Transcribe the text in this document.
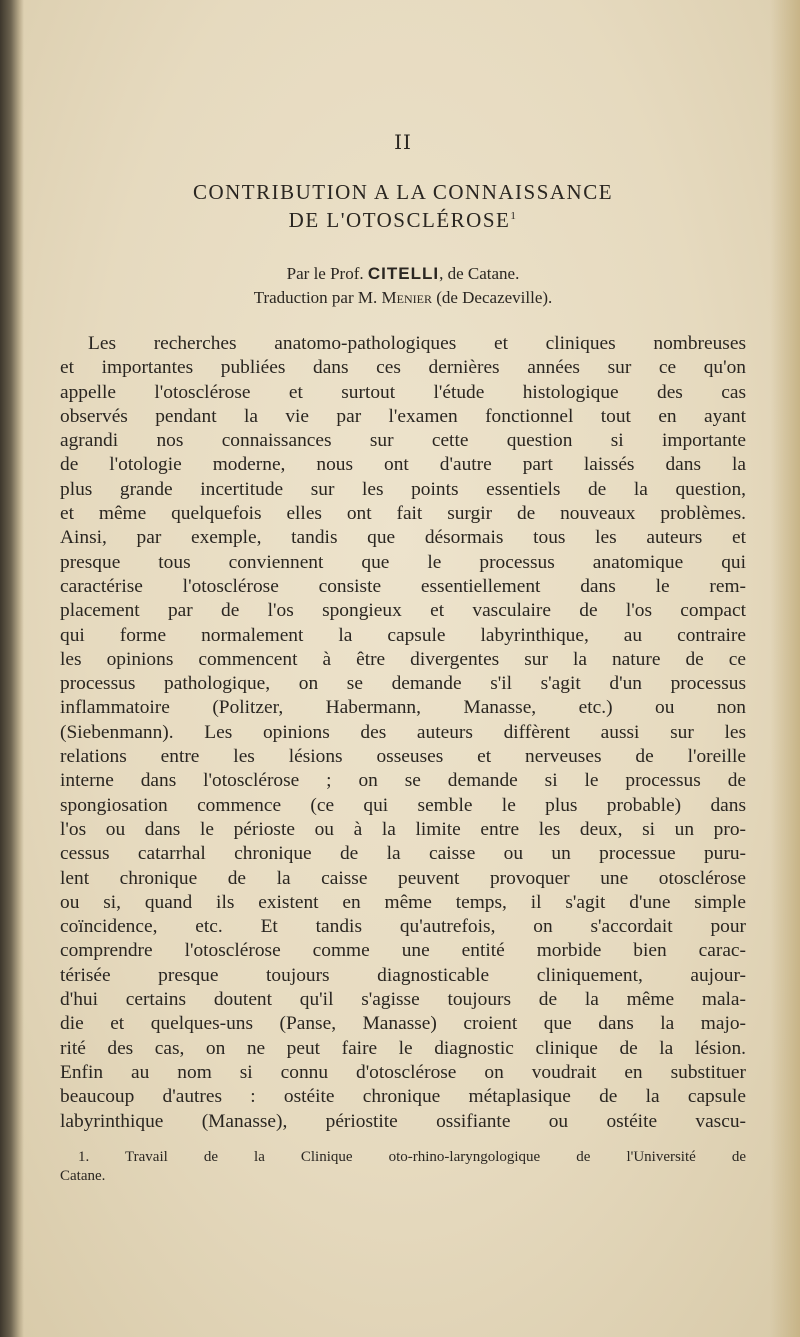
II
CONTRIBUTION A LA CONNAISSANCE
DE L'OTOSCLÉROSE$^1$
Par le Prof. CITELLI, de Catane.
Traduction par M. Menier (de Decazeville).
Les recherches anatomo-pathologiques et cliniques nombreuses
et importantes publiées dans ces dernières années sur ce qu'on
appelle l'otosclérose et surtout l'étude histologique des cas
observés pendant la vie par l'examen fonctionnel tout en ayant
agrandi nos connaissances sur cette question si importante
de l'otologie moderne, nous ont d'autre part laissés dans la
plus grande incertitude sur les points essentiels de la question,
et même quelquefois elles ont fait surgir de nouveaux problèmes.
Ainsi, par exemple, tandis que désormais tous les auteurs et
presque tous conviennent que le processus anatomique qui
caractérise l'otosclérose consiste essentiellement dans le rem-
placement par de l'os spongieux et vasculaire de l'os compact
qui forme normalement la capsule labyrinthique, au contraire
les opinions commencent à être divergentes sur la nature de ce
processus pathologique, on se demande s'il s'agit d'un processus
inflammatoire (Politzer, Habermann, Manasse, etc.) ou non
(Siebenmann). Les opinions des auteurs diffèrent aussi sur les
relations entre les lésions osseuses et nerveuses de l'oreille
interne dans l'otosclérose ; on se demande si le processus de
spongiosation commence (ce qui semble le plus probable) dans
l'os ou dans le périoste ou à la limite entre les deux, si un pro-
cessus catarrhal chronique de la caisse ou un processue puru-
lent chronique de la caisse peuvent provoquer une otosclérose
ou si, quand ils existent en même temps, il s'agit d'une simple
coïncidence, etc. Et tandis qu'autrefois, on s'accordait pour
comprendre l'otosclérose comme une entité morbide bien carac-
térisée presque toujours diagnosticable cliniquement, aujour-
d'hui certains doutent qu'il s'agisse toujours de la même mala-
die et quelques-uns (Panse, Manasse) croient que dans la majo-
rité des cas, on ne peut faire le diagnostic clinique de la lésion.
Enfin au nom si connu d'otosclérose on voudrait en substituer
beaucoup d'autres : ostéite chronique métaplasique de la capsule
labyrinthique (Manasse), périostite ossifiante ou ostéite vascu-
1. Travail de la Clinique oto-rhino-laryngologique de l'Université de
Catane.
